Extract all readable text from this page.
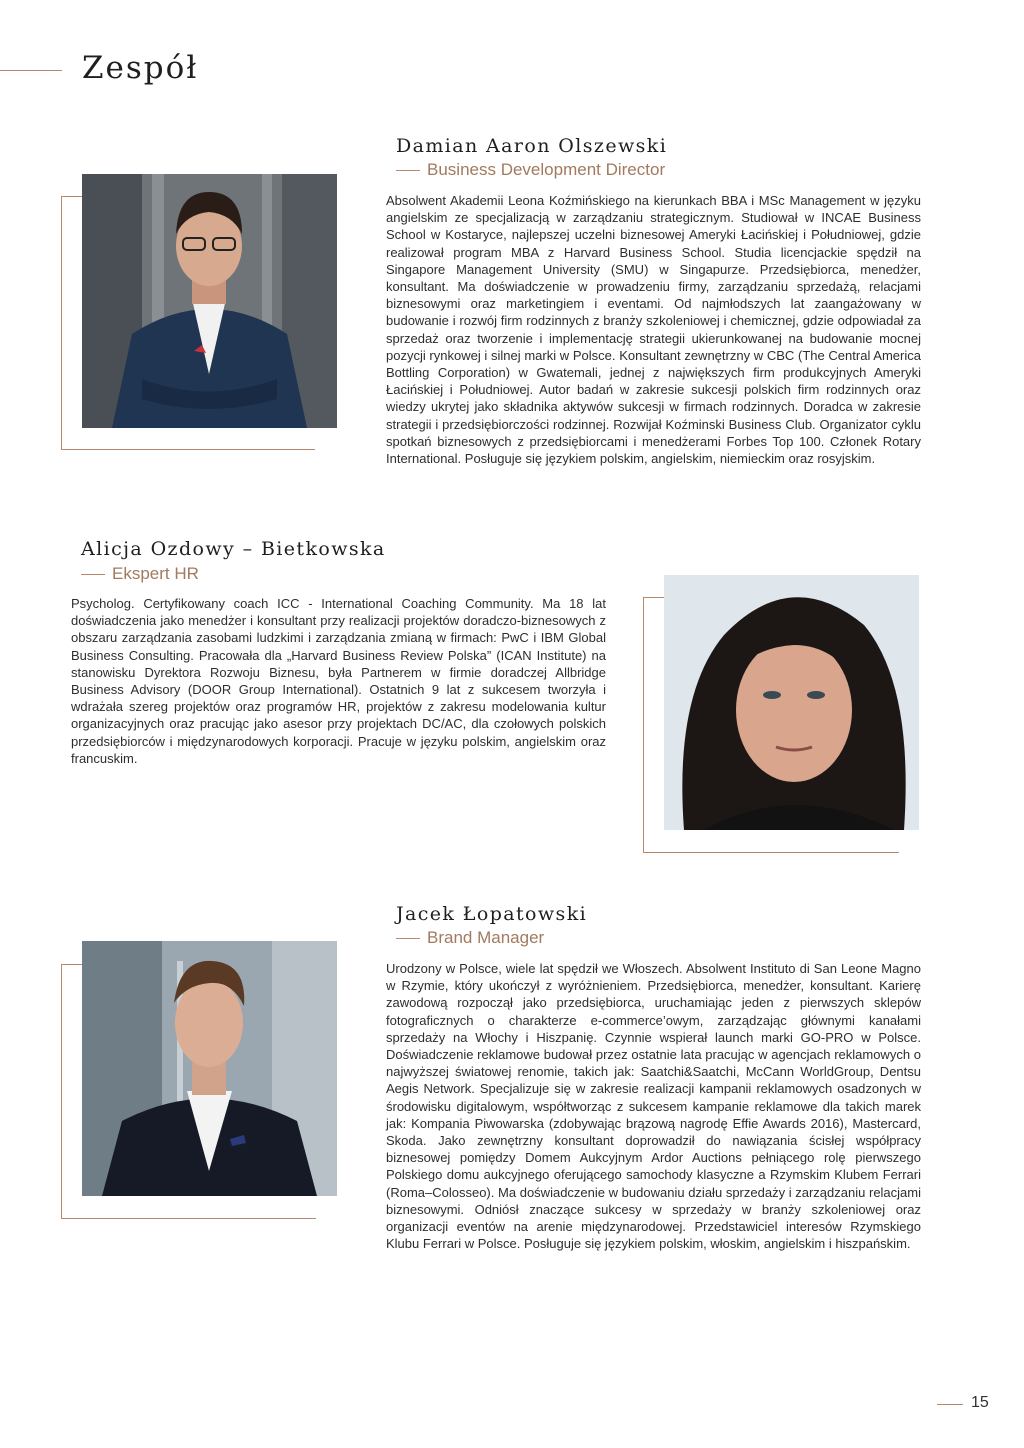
Zespół
Damian Aaron Olszewski
Business Development Director

Absolwent Akademii Leona Koźmińskiego na kierunkach BBA i MSc Management w języku angielskim ze specjalizacją w zarządzaniu strategicznym. Studiował w INCAE Business School w Kostaryce, najlepszej uczelni biznesowej Ameryki Łacińskiej i Południowej, gdzie realizował program MBA z Harvard Business School. Studia licencjackie spędził na Singapore Management University (SMU) w Singapurze. Przedsiębiorca, menedżer, konsultant. Ma doświadczenie w prowadzeniu firmy, zarządzaniu sprzedażą, relacjami biznesowymi oraz marketingiem i eventami. Od najmłodszych lat zaangażowany w budowanie i rozwój firm rodzinnych z branży szkoleniowej i chemicznej, gdzie odpowiadał za sprzedaż oraz tworzenie i implementację strategii ukierunkowanej na budowanie mocnej pozycji rynkowej i silnej marki w Polsce. Konsultant zewnętrzny w CBC (The Central America Bottling Corporation) w Gwatemali, jednej z największych firm produkcyjnych Ameryki Łacińskiej i Południowej. Autor badań w zakresie sukcesji polskich firm rodzinnych oraz wiedzy ukrytej jako składnika aktywów sukcesji w firmach rodzinnych. Doradca w zakresie strategii i przedsiębiorczości rodzinnej. Rozwijał Koźminski Business Club. Organizator cyklu spotkań biznesowych z przedsiębiorcami i menedżerami Forbes Top 100. Członek Rotary International. Posługuje się językiem polskim, angielskim, niemieckim oraz rosyjskim.

Alicja Ozdowy – Bietkowska
Ekspert HR

Psycholog. Certyfikowany coach ICC - International Coaching Community. Ma 18 lat doświadczenia jako menedżer i konsultant przy realizacji projektów doradczo-biznesowych z obszaru zarządzania zasobami ludzkimi i zarządzania zmianą w firmach: PwC i IBM Global Business Consulting. Pracowała dla „Harvard Business Review Polska” (ICAN Institute) na stanowisku Dyrektora Rozwoju Biznesu, była Partnerem w firmie doradczej Allbridge Business Advisory (DOOR Group International). Ostatnich 9 lat z sukcesem tworzyła i wdrażała szereg projektów oraz programów HR, projektów z zakresu modelowania kultur organizacyjnych oraz pracując jako asesor przy projektach DC/AC, dla czołowych polskich przedsiębiorców i międzynarodowych korporacji. Pracuje w języku polskim, angielskim oraz francuskim.

Jacek Łopatowski
Brand Manager

Urodzony w Polsce, wiele lat spędził we Włoszech. Absolwent Instituto di San Leone Magno w Rzymie, który ukończył z wyróżnieniem. Przedsiębiorca, menedżer, konsultant. Karierę zawodową rozpoczął jako przedsiębiorca, uruchamiając jeden z pierwszych sklepów fotograficznych o charakterze e-commerce’owym, zarządzając głównymi kanałami sprzedaży na Włochy i Hiszpanię. Czynnie wspierał launch marki GO-PRO w Polsce. Doświadczenie reklamowe budował przez ostatnie lata pracując w agencjach reklamowych o najwyższej światowej renomie, takich jak: Saatchi&Saatchi, McCann WorldGroup, Dentsu Aegis Network. Specjalizuje się w zakresie realizacji kampanii reklamowych osadzonych w środowisku digitalowym, współtworząc z sukcesem kampanie reklamowe dla takich marek jak: Kompania Piwowarska (zdobywając brązową nagrodę Effie Awards 2016), Mastercard, Skoda. Jako zewnętrzny konsultant doprowadził do nawiązania ścisłej współpracy biznesowej pomiędzy Domem Aukcyjnym Ardor Auctions pełniącego rolę pierwszego Polskiego domu aukcyjnego oferującego samochody klasyczne a Rzymskim Klubem Ferrari (Roma–Colosseo). Ma doświadczenie w budowaniu działu sprzedaży i zarządzaniu relacjami biznesowymi. Odniósł znaczące sukcesy w sprzedaży w branży szkoleniowej oraz organizacji eventów na arenie międzynarodowej. Przedstawiciel interesów Rzymskiego Klubu Ferrari w Polsce. Posługuje się językiem polskim, włoskim, angielskim i hiszpańskim.

15
